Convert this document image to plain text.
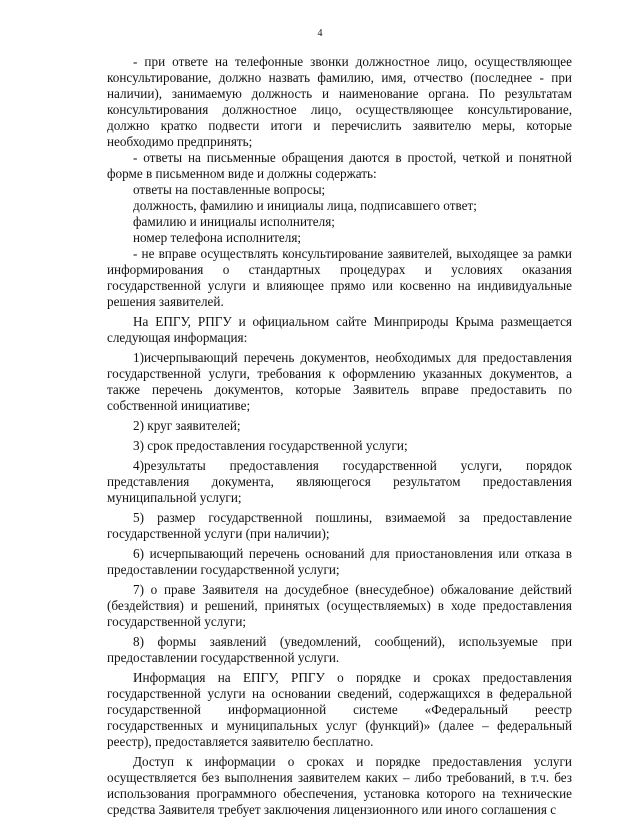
4

- при ответе на телефонные звонки должностное лицо, осуществляющее консультирование, должно назвать фамилию, имя, отчество (последнее - при наличии), занимаемую должность и наименование органа. По результатам консультирования должностное лицо, осуществляющее консультирование, должно кратко подвести итоги и перечислить заявителю меры, которые необходимо предпринять;

- ответы на письменные обращения даются в простой, четкой и понятной форме в письменном виде и должны содержать:

ответы на поставленные вопросы;

должность, фамилию и инициалы лица, подписавшего ответ;

фамилию и инициалы исполнителя;

номер телефона исполнителя;

- не вправе осуществлять консультирование заявителей, выходящее за рамки информирования о стандартных процедурах и условиях оказания государственной услуги и влияющее прямо или косвенно на индивидуальные решения заявителей.

На ЕПГУ, РПГУ и официальном сайте Минприроды Крыма размещается следующая информация:

1)исчерпывающий перечень документов, необходимых для предоставления государственной услуги, требования к оформлению указанных документов, а также перечень документов, которые Заявитель вправе предоставить по собственной инициативе;

2) круг заявителей;

3) срок предоставления государственной услуги;

4)результаты предоставления государственной услуги, порядок представления документа, являющегося результатом предоставления муниципальной услуги;

5) размер государственной пошлины, взимаемой за предоставление государственной услуги (при наличии);

6) исчерпывающий перечень оснований для приостановления или отказа в предоставлении государственной услуги;

7) о праве Заявителя на досудебное (внесудебное) обжалование действий (бездействия) и решений, принятых (осуществляемых) в ходе предоставления государственной услуги;

8) формы заявлений (уведомлений, сообщений), используемые при предоставлении государственной услуги.

Информация на ЕПГУ, РПГУ о порядке и сроках предоставления государственной услуги на основании сведений, содержащихся в федеральной государственной информационной системе «Федеральный реестр государственных и муниципальных услуг (функций)» (далее – федеральный реестр), предоставляется заявителю бесплатно.

Доступ к информации о сроках и порядке предоставления услуги осуществляется без выполнения заявителем каких – либо требований, в т.ч. без использования программного обеспечения, установка которого на технические средства Заявителя требует заключения лицензионного или иного соглашения с
